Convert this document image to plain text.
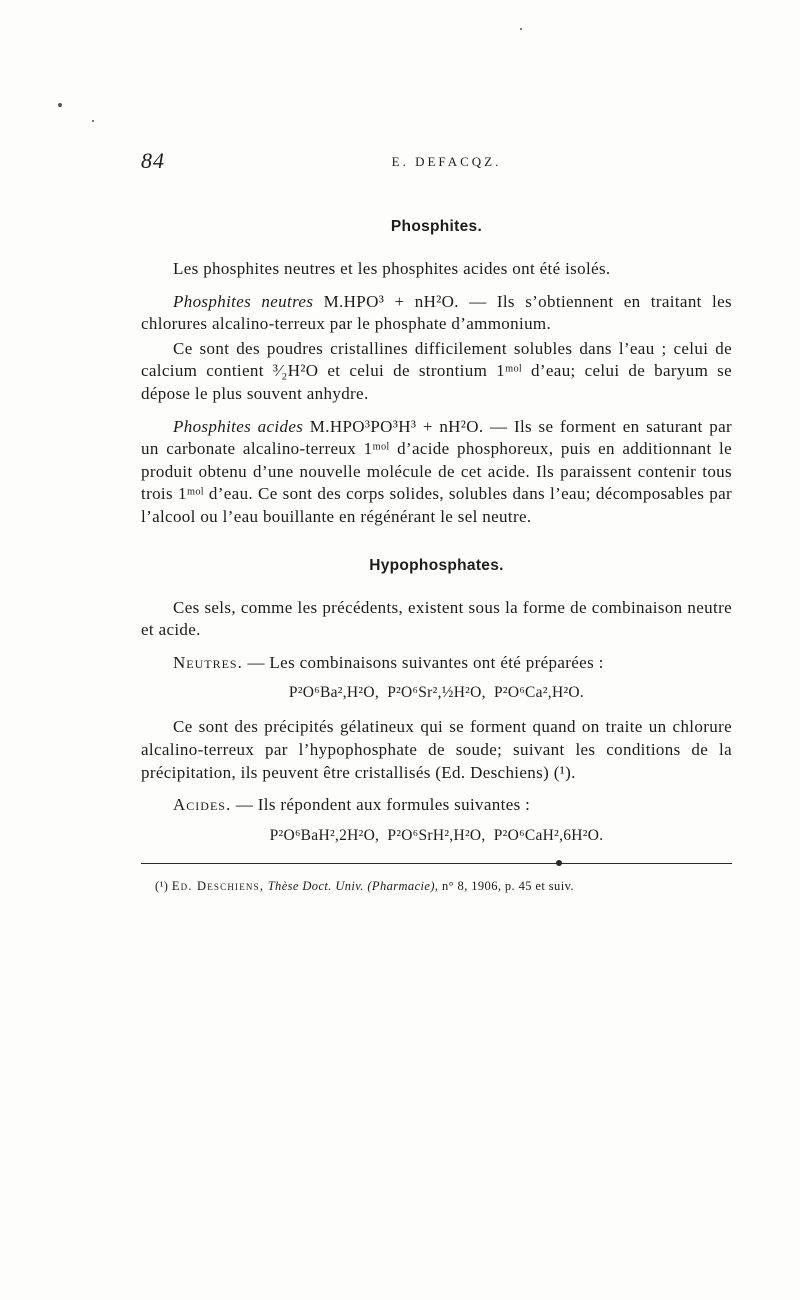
84	E. DEFACQZ.
Phosphites.

Les phosphites neutres et les phosphites acides ont été isolés.

Phosphites neutres M.HPO³ + nH²O. — Ils s’obtiennent en traitant les chlorures alcalino-terreux par le phosphate d’ammonium.

Ce sont des poudres cristallines difficilement solubles dans l’eau ; celui de calcium contient ³⁄₂H²O et celui de strontium 1ᵐᵒˡ d’eau; celui de baryum se dépose le plus souvent anhydre.

Phosphites acides M.HPO³PO³H³ + nH²O. — Ils se forment en saturant par un carbonate alcalino-terreux 1ᵐᵒˡ d’acide phosphoreux, puis en additionnant le produit obtenu d’une nouvelle molécule de cet acide. Ils paraissent contenir tous trois 1ᵐᵒˡ d’eau. Ce sont des corps solides, solubles dans l’eau; décomposables par l’alcool ou l’eau bouillante en régénérant le sel neutre.

Hypophosphates.

Ces sels, comme les précédents, existent sous la forme de combinaison neutre et acide.

Neutres. — Les combinaisons suivantes ont été préparées :

P²O⁶Ba²,H²O, P²O⁶Sr²,½H²O, P²O⁶Ca²,H²O.

Ce sont des précipités gélatineux qui se forment quand on traite un chlorure alcalino-terreux par l’hypophosphate de soude; suivant les conditions de la précipitation, ils peuvent être cristallisés (Ed. Deschiens) (¹).

Acides. — Ils répondent aux formules suivantes :

P²O⁶BaH²,2H²O, P²O⁶SrH²,H²O, P²O⁶CaH²,6H²O.

(¹) Ed. Deschiens, Thèse Doct. Univ. (Pharmacie), n° 8, 1906, p. 45 et suiv.
